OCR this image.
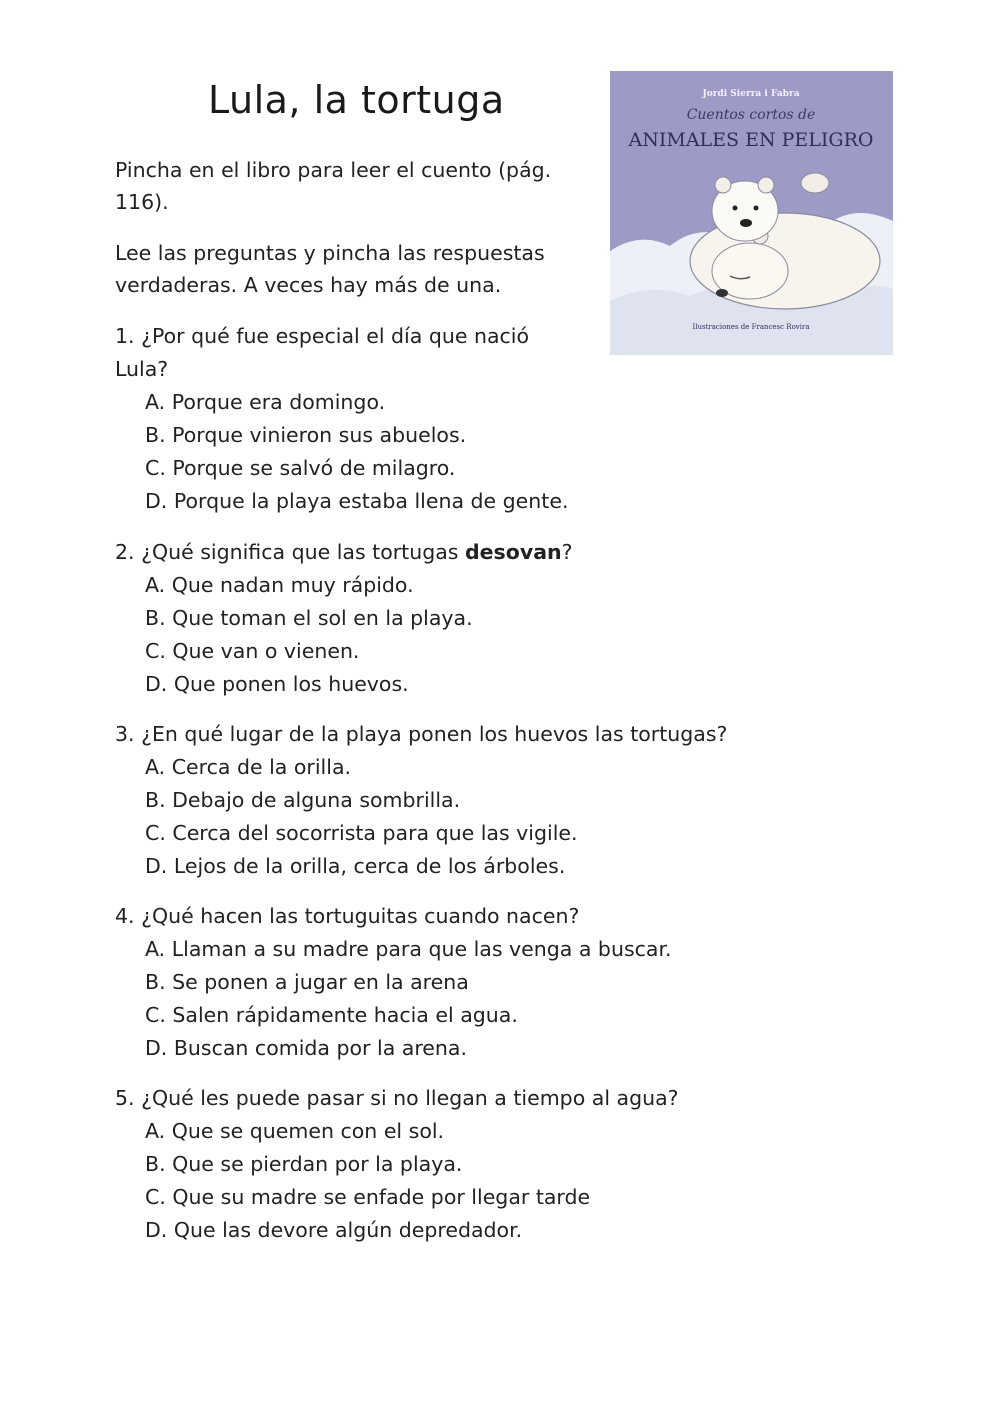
Lula, la tortuga

Pincha en el libro para leer el cuento (pág. 116).

Lee las preguntas y pincha las respuestas verdaderas. A veces hay más de una.

Jordi Sierra i Fabra
Cuentos cortos de
ANIMALES EN PELIGRO
Ilustraciones de Francesc Rovira

1. ¿Por qué fue especial el día que nació Lula?

A. Porque era domingo.
B. Porque vinieron sus abuelos.
C. Porque se salvó de milagro.
D. Porque la playa estaba llena de gente.

2. ¿Qué significa que las tortugas desovan?

A. Que nadan muy rápido.
B. Que toman el sol en la playa.
C. Que van o vienen.
D. Que ponen los huevos.

3. ¿En qué lugar de la playa ponen los huevos las tortugas?

A. Cerca de la orilla.
B. Debajo de alguna sombrilla.
C. Cerca del socorrista para que las vigile.
D. Lejos de la orilla, cerca de los árboles.

4. ¿Qué hacen las tortuguitas cuando nacen?

A. Llaman a su madre para que las venga a buscar.
B. Se ponen a jugar en la arena
C. Salen rápidamente hacia el agua.
D. Buscan comida por la arena.

5. ¿Qué les puede pasar si no llegan a tiempo al agua?

A. Que se quemen con el sol.
B. Que se pierdan por la playa.
C. Que su madre se enfade por llegar tarde
D. Que las devore algún depredador.
